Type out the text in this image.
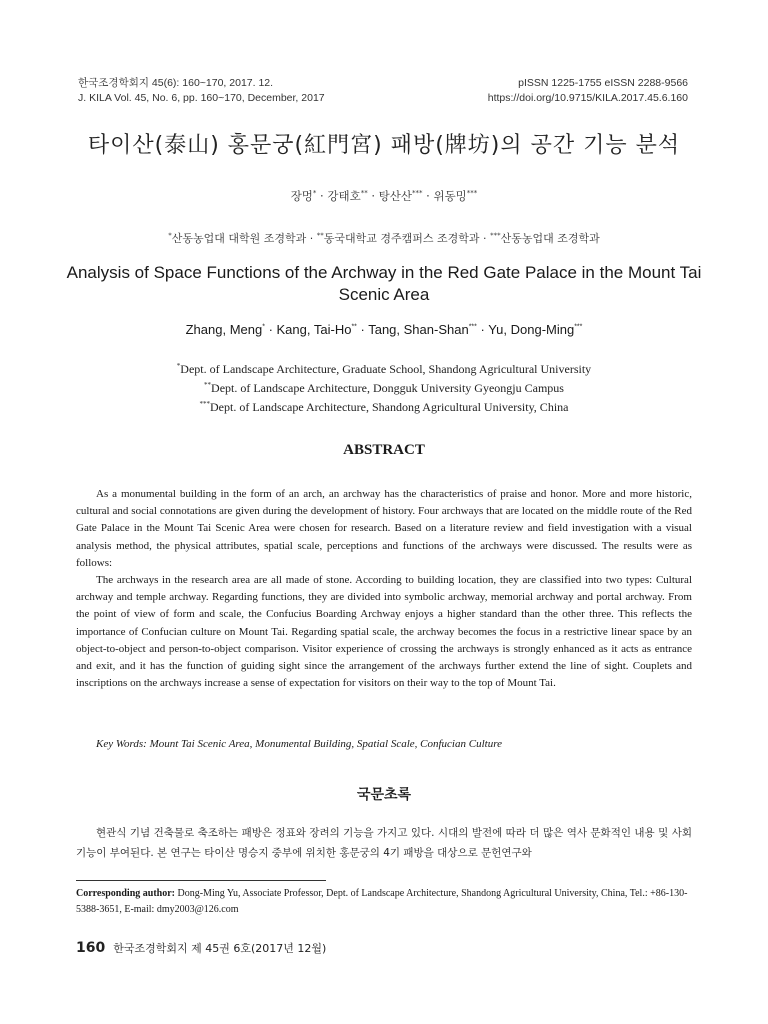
한국조경학회지 45(6): 160~170, 2017. 12.
J. KILA Vol. 45, No. 6, pp. 160~170, December, 2017
pISSN 1225-1755 eISSN 2288-9566
https://doi.org/10.9715/KILA.2017.45.6.160
타이산(泰山) 홍문궁(紅門宮) 패방(牌坊)의 공간 기능 분석
장멍* · 강태호** · 탕산산*** · 위동밍***
*산동농업대 대학원 조경학과 · **동국대학교 경주캠퍼스 조경학과 · ***산동농업대 조경학과
Analysis of Space Functions of the Archway in the Red Gate Palace in the Mount Tai Scenic Area
Zhang, Meng* · Kang, Tai-Ho** · Tang, Shan-Shan*** · Yu, Dong-Ming***
*Dept. of Landscape Architecture, Graduate School, Shandong Agricultural University
**Dept. of Landscape Architecture, Dongguk University Gyeongju Campus
***Dept. of Landscape Architecture, Shandong Agricultural University, China
ABSTRACT

As a monumental building in the form of an arch, an archway has the characteristics of praise and honor. More and more historic, cultural and social connotations are given during the development of history. Four archways that are located on the middle route of the Red Gate Palace in the Mount Tai Scenic Area were chosen for research. Based on a literature review and field investigation with a visual analysis method, the physical attributes, spatial scale, perceptions and functions of the archways were discussed. The results were as follows:

The archways in the research area are all made of stone. According to building location, they are classified into two types: Cultural archway and temple archway. Regarding functions, they are divided into symbolic archway, memorial archway and portal archway. From the point of view of form and scale, the Confucius Boarding Archway enjoys a higher standard than the other three. This reflects the importance of Confucian culture on Mount Tai. Regarding spatial scale, the archway becomes the focus in a restrictive linear space by an object-to-object and person-to-object comparison. Visitor experience of crossing the archways is strongly enhanced as it acts as entrance and exit, and it has the function of guiding sight since the arrangement of the archways further extend the line of sight. Couplets and inscriptions on the archways increase a sense of expectation for visitors on their way to the top of Mount Tai.

Key Words: Mount Tai Scenic Area, Monumental Building, Spatial Scale, Confucian Culture
국문초록

현관식 기념 건축물로 축조하는 패방은 정표와 장려의 기능을 가지고 있다. 시대의 발전에 따라 더 많은 역사 문화적인 내용 및 사회 기능이 부여된다. 본 연구는 타이산 명승지 중부에 위치한 홍문궁의 4기 패방을 대상으로 문헌연구와

Corresponding author: Dong-Ming Yu, Associate Professor, Dept. of Landscape Architecture, Shandong Agricultural University, China, Tel.: +86-130-5388-3651, E-mail: dmy2003@126.com
160 한국조경학회지 제 45권 6호(2017년 12월)
